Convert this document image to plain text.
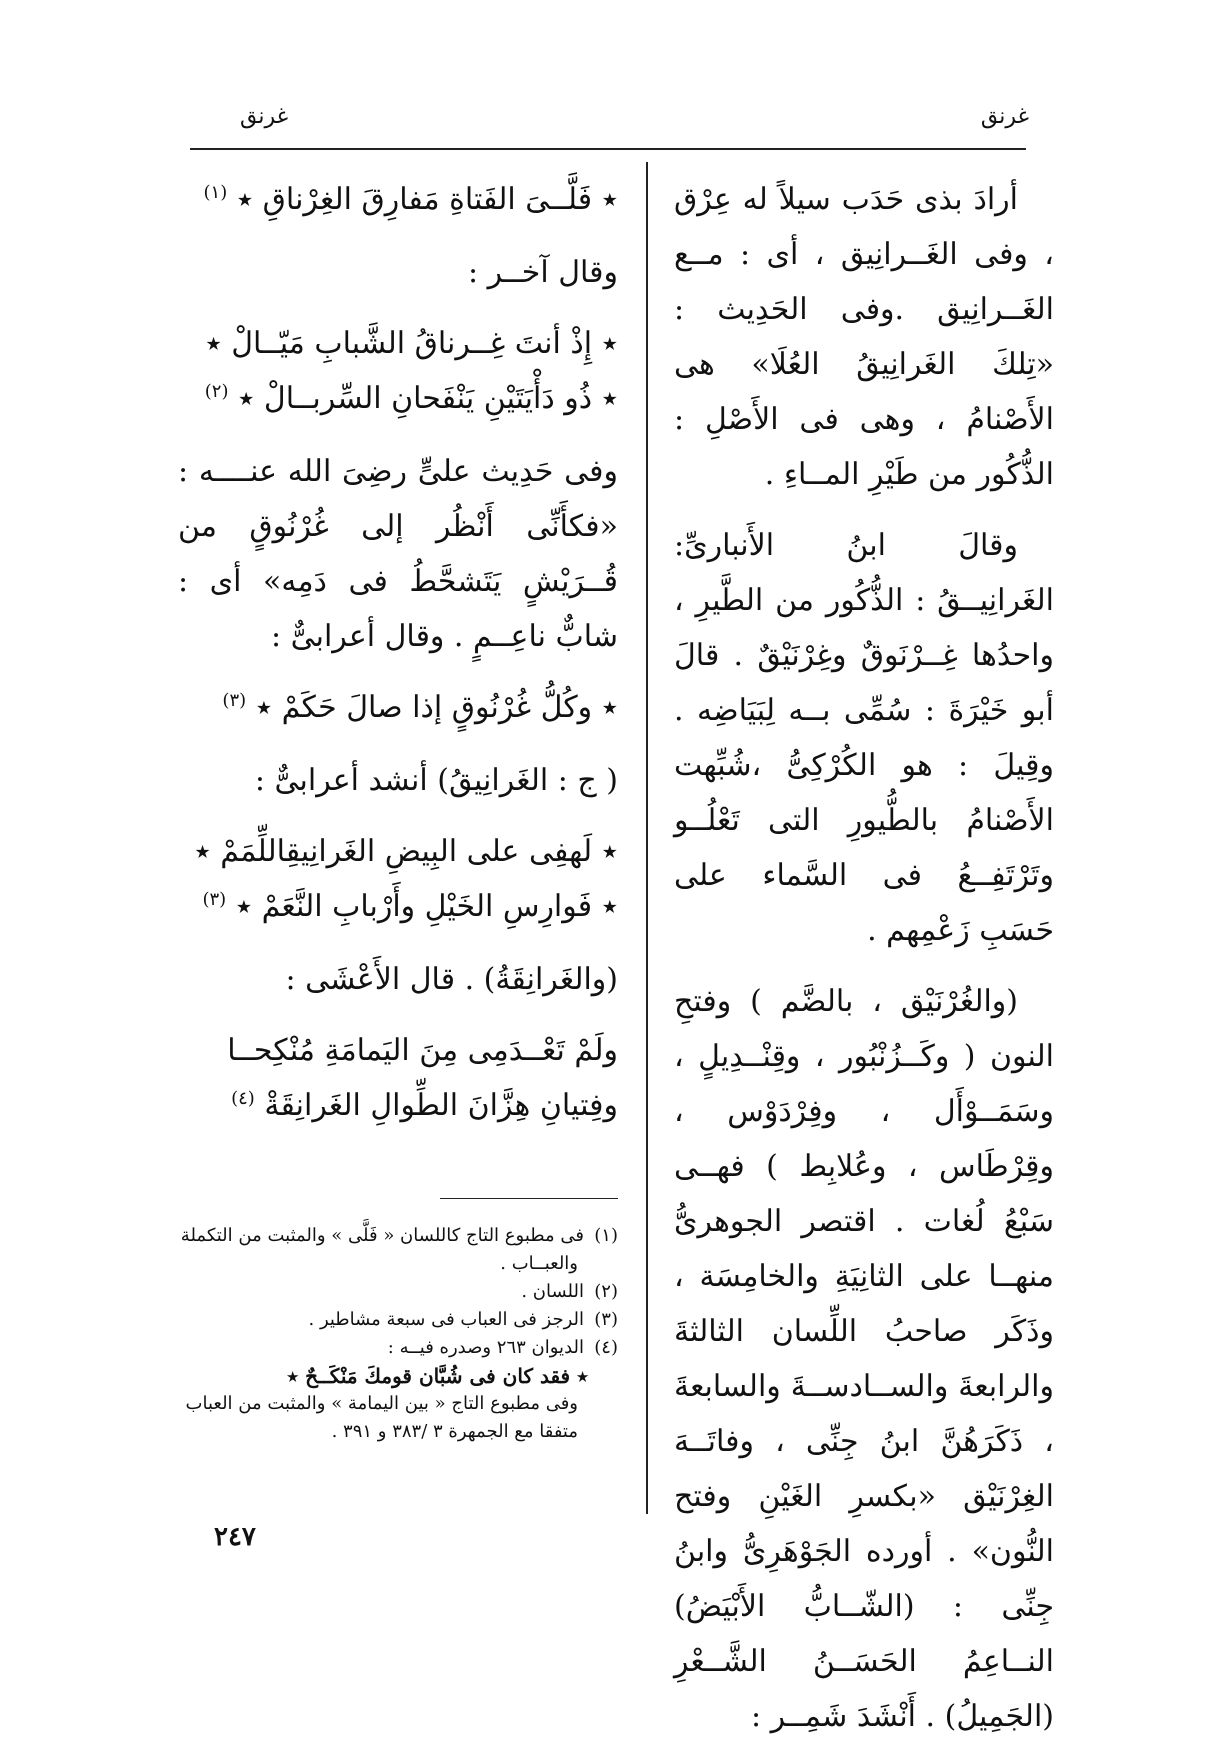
غرنق
غرنق

أرادَ بذى حَدَب سيلاً له عِرْق ، وفى الغَــرانِيق ، أى : مــع الغَــرانِيق .وفى الحَدِيث : «تِلكَ الغَرانِيقُ العُلَا» هى الأَصْنامُ ، وهى فى الأَصْلِ : الذُّكُور من طَيْرِ المــاءِ .

وقالَ ابنُ الأَنبارىِّ: الغَرانِيــقُ : الذُّكُور من الطَّيرِ ، واحدُها غِــرْنَوقٌ وغِرْنَيْقٌ . قالَ أبو خَيْرَةَ : سُمِّى بــه لِبَيَاضِه . وقِيلَ : هو الكُرْكِىُّ ،شُبِّهت الأَصْنامُ بالطُّيورِ التى تَعْلُــو وتَرْتَفِــعُ فى السَّماء على حَسَبِ زَعْمِهم .

(والغُرْنَيْق ، بالضَّم ) وفتحِ النون ( وكَــزُنْبُور ، وقِنْــدِيلٍ ، وسَمَــوْأَل ، وفِرْدَوْس ، وقِرْطَاس ، وعُلابِط ) فهــى سَبْعُ لُغات . اقتصر الجوهرىُّ منهــا على الثانِيَةِ والخامِسَة ، وذَكَر صاحبُ اللِّسان الثالثةَ والرابعةَ والســادســةَ والسابعةَ ، ذَكَرَهُنَّ ابنُ جِنِّى ، وفاتَــهَ الغِرْنَيْق «بكسرِ الغَيْنِ وفتح النُّون» . أورده الجَوْهَرِىُّ وابنُ جِنِّى : (الشّــابُّ الأَبْيَضُ) النــاعِمُ الحَسَــنُ الشَّــعْرِ (الجَمِيلُ) . أَنْشَدَ شَمِــر :

٭ فَلَّــىَ الفَتاةِ مَفارِقَ الغِرْناقِ ٭ $^{(١)}$

وقال آخــر :

٭ إِذْ أنتَ غِــرناقُ الشَّبابِ مَيّــالْ ٭
٭ ذُو دَأْيَتَيْنِ يَنْفَحانِ السِّربــالْ ٭ $^{(٢)}$

وفى حَدِيث علىٍّ رضِىَ الله عنــــه : «فكأَنِّى أَنْظُر إلى غُرْنُوقٍ من قُــرَيْشٍ يَتَشحَّطُ فى دَمِه» أى : شابٌّ ناعِــمٍ . وقال أعرابىٌّ :

٭ وكُلُّ غُرْنُوقٍ إذا صالَ حَكَمْ ٭ $^{(٣)}$

( ج : الغَرانِيقُ) أنشد أعرابىٌّ :

٭ لَهفِى على البِيضِ الغَرانِيقِاللِّمَمْ ٭
٭ فَوارِسِ الخَيْلِ وأَرْبابِ النَّعَمْ ٭ $^{(٣)}$

(والغَرانِقَةُ) . قال الأَعْشَى :

ولَمْ تَعْــدَمِى مِنَ اليَمامَةِ مُنْكِحــا
وفِتيانِ هِزَّانَ الطِّوالِ الغَرانِقَةْ $^{(٤)}$

(١)فى مطبوع التاج كاللسان « فَلَّى » والمثبت من التكملة

والعبــاب .

(٢)اللسان .

(٣)الرجز فى العباب فى سبعة مشاطير .

(٤)الديوان ٢٦٣ وصدره فيــه :

٭ فقد كان فى شُبَّان قومكَ مَنْكَــحٌ ٭

وفى مطبوع التاج « بين اليمامة » والمثبت من العباب متفقا مع الجمهرة ٣ /٣٨٣ و ٣٩١ .

٢٤٧
